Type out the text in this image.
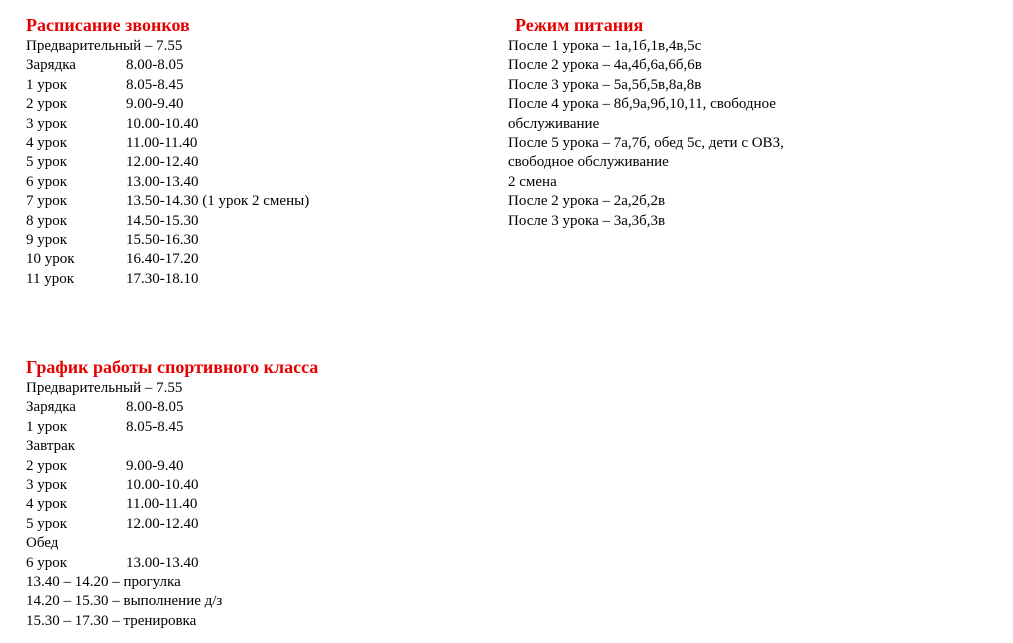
Расписание звонков
Предварительный – 7.55
Зарядка	8.00-8.05
1 урок	8.05-8.45
2 урок	9.00-9.40
3 урок	10.00-10.40
4 урок	11.00-11.40
5 урок	12.00-12.40
6 урок	13.00-13.40
7 урок	13.50-14.30 (1 урок 2 смены)
8 урок	14.50-15.30
9 урок	15.50-16.30
10 урок	16.40-17.20
11 урок	17.30-18.10
Режим питания
После 1 урока – 1а,1б,1в,4в,5с
После 2 урока – 4а,4б,6а,6б,6в
После 3 урока – 5а,5б,5в,8а,8в
После 4 урока – 8б,9а,9б,10,11, свободное обслуживание
После 5 урока – 7а,7б, обед 5с, дети с ОВЗ, свободное обслуживание
2 смена
После 2 урока – 2а,2б,2в
После 3 урока – 3а,3б,3в
График работы спортивного класса
Предварительный – 7.55
Зарядка	8.00-8.05
1 урок	8.05-8.45
Завтрак
2 урок	9.00-9.40
3 урок	10.00-10.40
4 урок	11.00-11.40
5 урок	12.00-12.40
Обед
6 урок	13.00-13.40
13.40 – 14.20 – прогулка
14.20 – 15.30 – выполнение д/з
15.30 – 17.30 – тренировка
